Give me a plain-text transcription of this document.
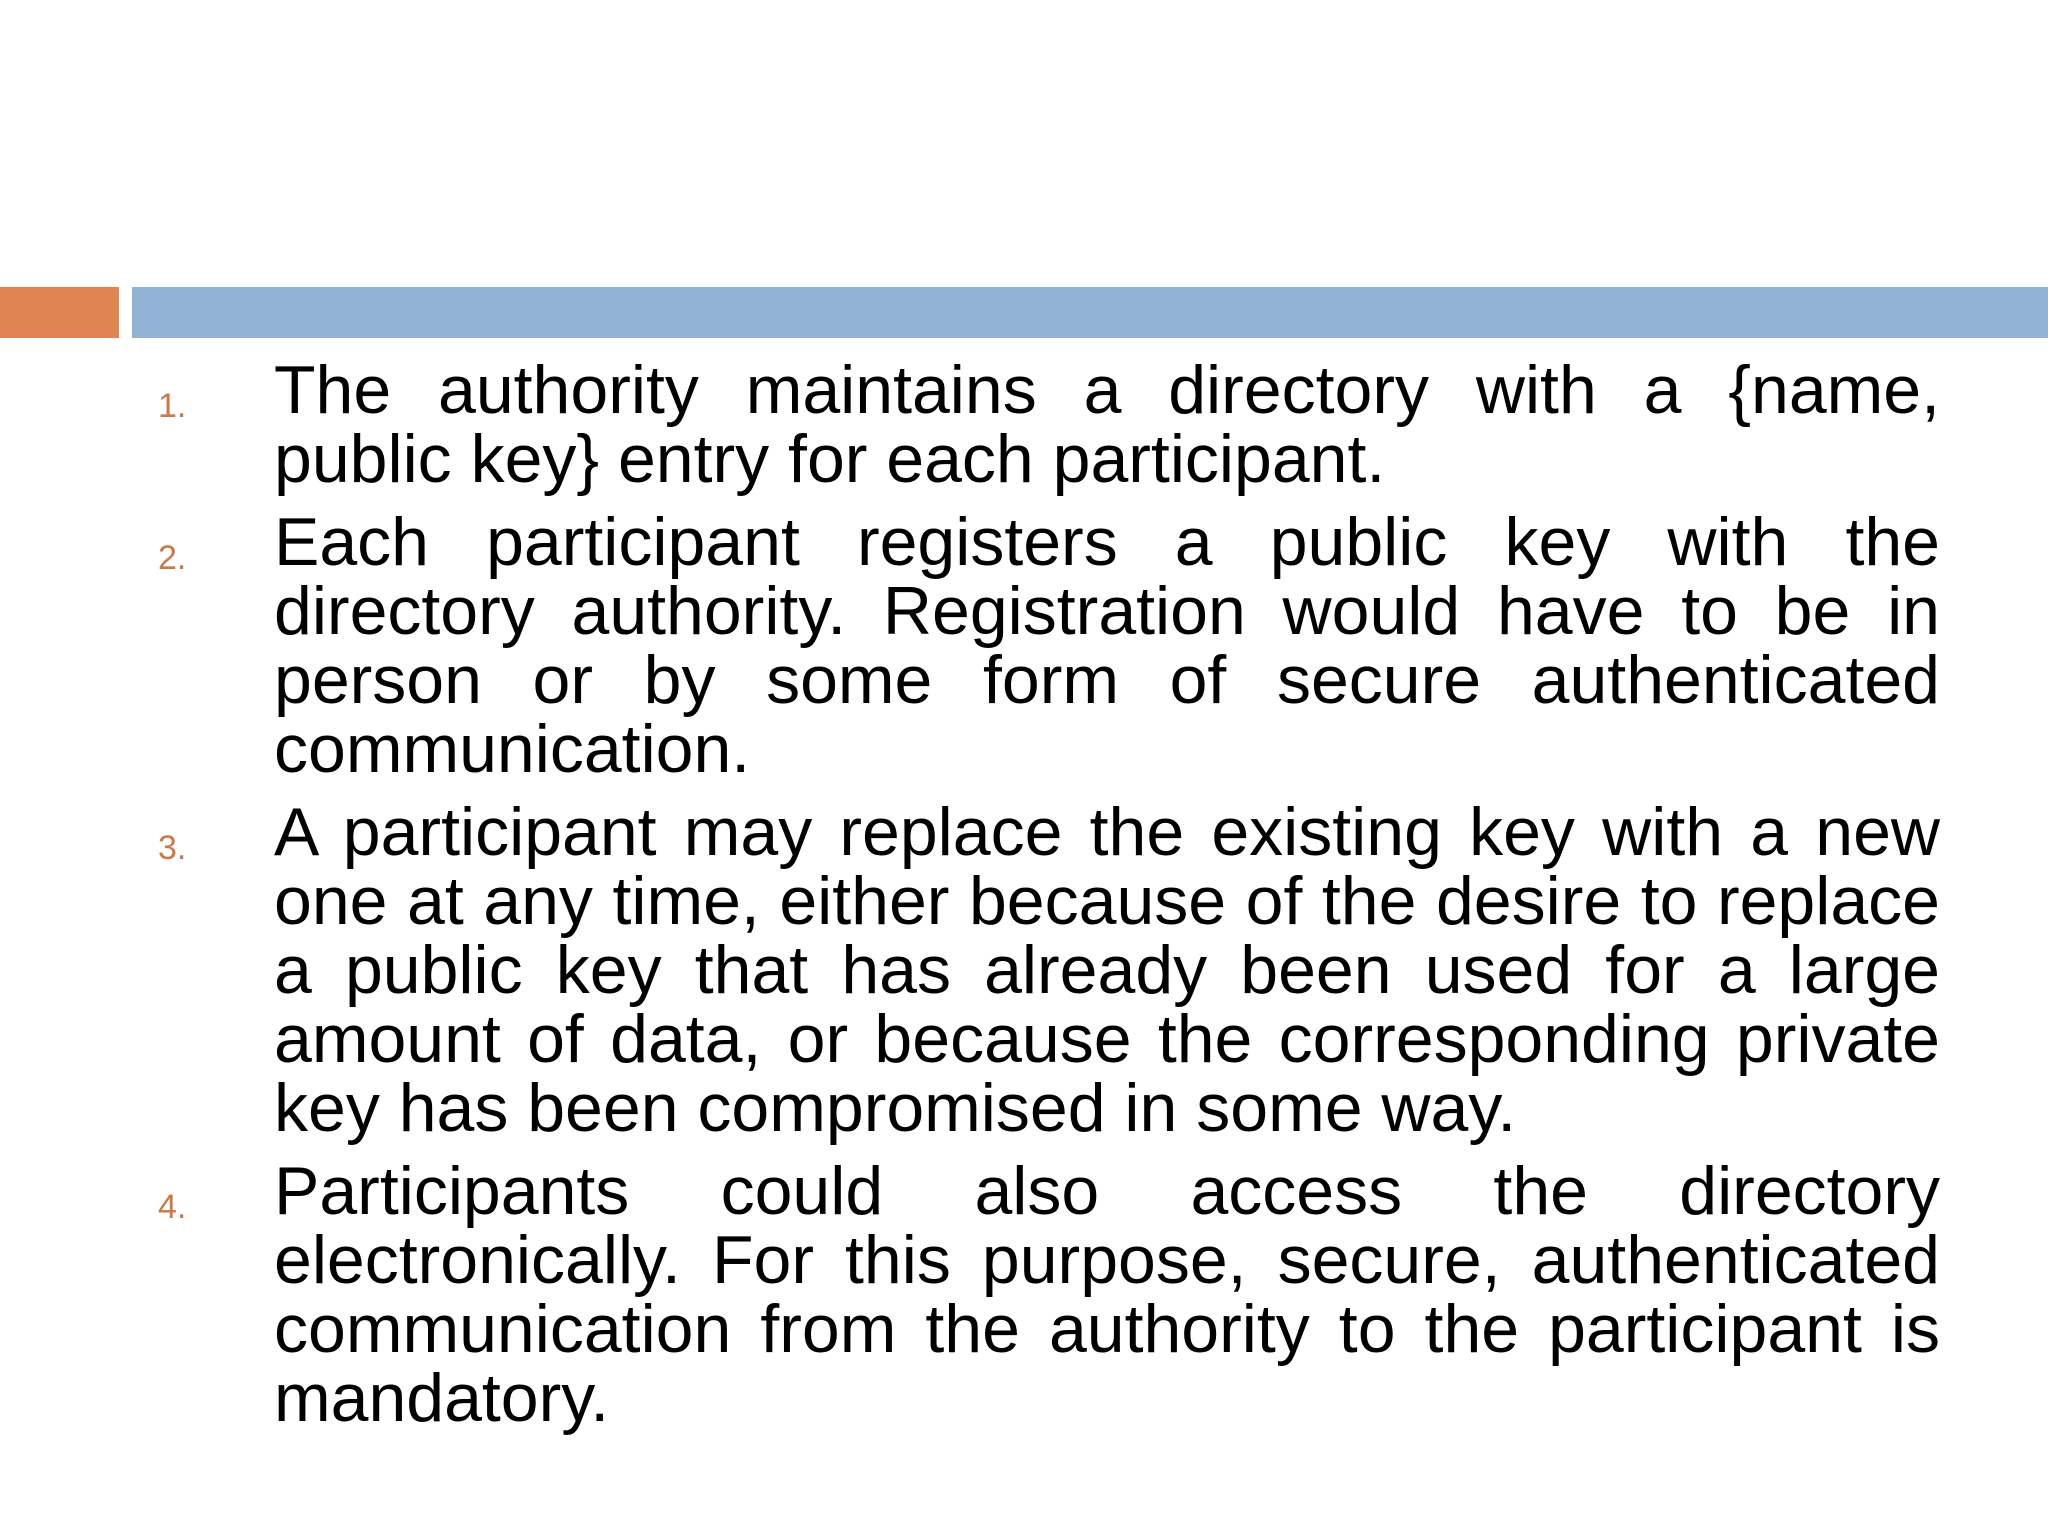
1. The authority maintains a directory with a {name, public key} entry for each participant.
2. Each participant registers a public key with the directory authority. Registration would have to be in person or by some form of secure authenticated communication.
3. A participant may replace the existing key with a new one at any time, either because of the desire to replace a public key that has already been used for a large amount of data, or because the corresponding private key has been compromised in some way.
4. Participants could also access the directory electronically. For this purpose, secure, authenticated communication from the authority to the participant is mandatory.
